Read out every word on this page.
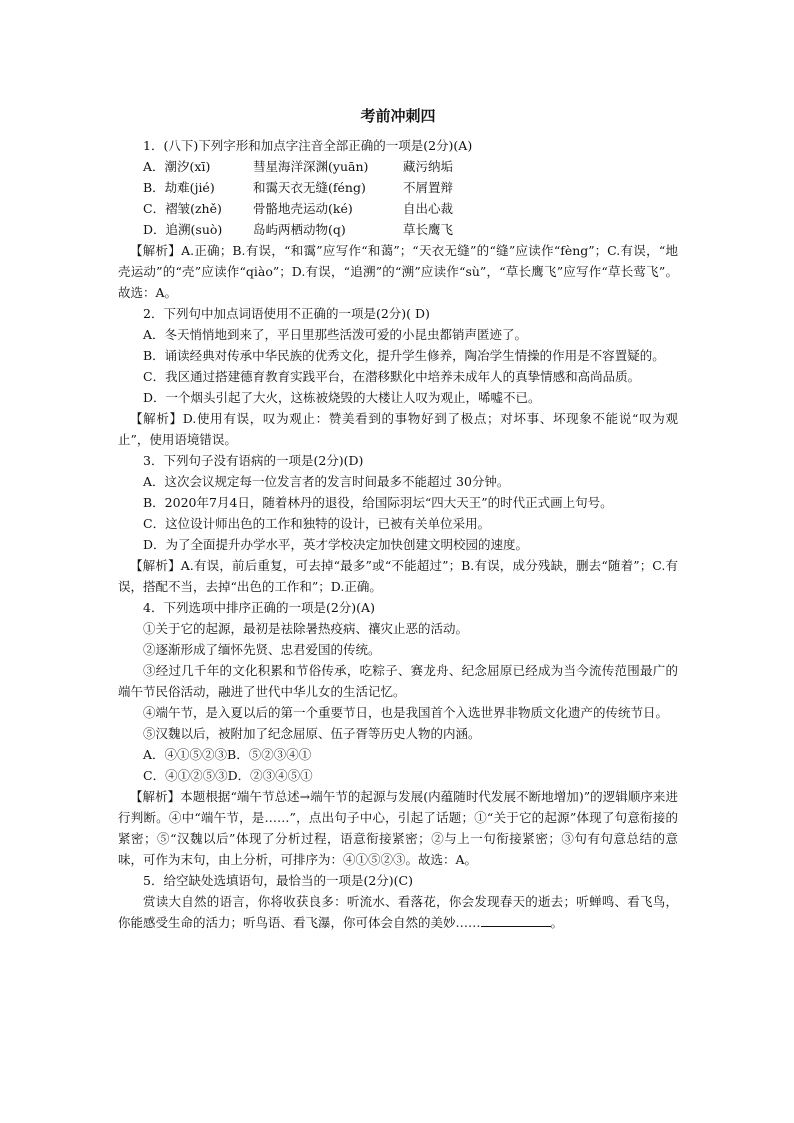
考前冲刺四

1．(八下)下列字形和加点字注音全部正确的一项是(2分)(A)

A．潮汐(xī)	彗星海洋深渊(yuān)	藏污纳垢
B．劫难(jié)	和霭天衣无缝(féng)	不屑置辩
C．褶皱(zhě)	骨骼地壳运动(ké)	自出心裁
D．追溯(suò)	岛屿两栖动物(q)	草长鹰飞

【解析】A.正确；B.有误，“和霭”应写作“和蔼”；“天衣无缝”的“缝”应读作“fèng”；C.有误，“地壳运动”的“壳”应读作“qiào”；D.有误，“追溯”的“溯”应读作“sù”，“草长鹰飞”应写作“草长莺飞”。故选：A。

2．下列句中加点词语使用不正确的一项是(2分)( D)

A．冬天悄悄地到来了，平日里那些活泼可爱的小昆虫都销声匿迹了。

B．诵读经典对传承中华民族的优秀文化，提升学生修养，陶冶学生情操的作用是不容置疑的。

C．我区通过搭建德育教育实践平台，在潜移默化中培养未成年人的真挚情感和高尚品质。

D．一个烟头引起了大火，这栋被烧毁的大楼让人叹为观止，唏嘘不已。

【解析】D.使用有误，叹为观止：赞美看到的事物好到了极点；对坏事、坏现象不能说“叹为观止”，使用语境错误。

3．下列句子没有语病的一项是(2分)(D)

A．这次会议规定每一位发言者的发言时间最多不能超过 30分钟。

B．2020年7月4日，随着林丹的退役，给国际羽坛“四大天王”的时代正式画上句号。

C．这位设计师出色的工作和独特的设计，已被有关单位采用。

D．为了全面提升办学水平，英才学校决定加快创建文明校园的速度。

【解析】A.有误，前后重复，可去掉“最多”或“不能超过”；B.有误，成分残缺，删去“随着”；C.有误，搭配不当，去掉“出色的工作和”；D.正确。

4．下列选项中排序正确的一项是(2分)(A)

①关于它的起源，最初是祛除暑热疫病、禳灾止恶的活动。

②逐渐形成了缅怀先贤、忠君爱国的传统。

③经过几千年的文化积累和节俗传承，吃粽子、赛龙舟、纪念屈原已经成为当今流传范围最广的端午节民俗活动，融进了世代中华儿女的生活记忆。

④端午节，是入夏以后的第一个重要节日，也是我国首个入选世界非物质文化遗产的传统节日。

⑤汉魏以后，被附加了纪念屈原、伍子胥等历史人物的内涵。

A．④①⑤②③B．⑤②③④①

C．④①②⑤③D．②③④⑤①

【解析】本题根据“端午节总述→端午节的起源与发展(内蕴随时代发展不断地增加)”的逻辑顺序来进行判断。④中“端午节，是……”，点出句子中心，引起了话题；①“关于它的起源”体现了句意衔接的紧密；⑤“汉魏以后”体现了分析过程，语意衔接紧密；②与上一句衔接紧密；③句有句意总结的意味，可作为末句，由上分析，可排序为：④①⑤②③。故选：A。

5．给空缺处选填语句，最恰当的一项是(2分)(C)

赏读大自然的语言，你将收获良多：听流水、看落花，你会发现春天的逝去；听蝉鸣、看飞鸟，你能感受生命的活力；听鸟语、看飞瀑，你可体会自然的美妙……	。
